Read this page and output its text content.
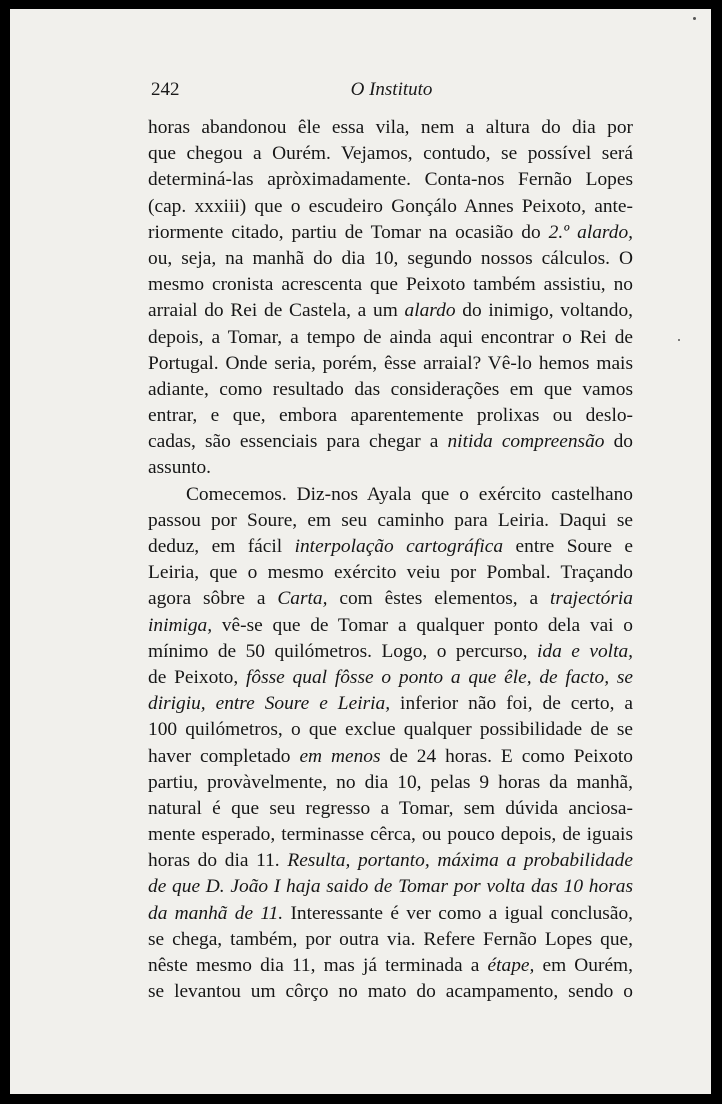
242	O Instituto
horas abandonou êle essa vila, nem a altura do dia por
que chegou a Ourém. Vejamos, contudo, se possível será
determiná-las apròximadamente. Conta-nos Fernão Lopes
(cap. xxxiii) que o escudeiro Gonçálo Annes Peixoto, ante-
riormente citado, partiu de Tomar na ocasião do 2.º alardo,
ou, seja, na manhã do dia 10, segundo nossos cálculos. O
mesmo cronista acrescenta que Peixoto também assistiu, no
arraial do Rei de Castela, a um alardo do inimigo, voltando,
depois, a Tomar, a tempo de ainda aqui encontrar o Rei de
Portugal. Onde seria, porém, êsse arraial? Vê-lo hemos mais
adiante, como resultado das considerações em que vamos
entrar, e que, embora aparentemente prolixas ou deslo-
cadas, são essenciais para chegar a nitida compreensão do
assunto.
Comecemos. Diz-nos Ayala que o exército castelhano
passou por Soure, em seu caminho para Leiria. Daqui se
deduz, em fácil interpolação cartográfica entre Soure e
Leiria, que o mesmo exército veiu por Pombal. Traçando
agora sôbre a Carta, com êstes elementos, a trajectória
inimiga, vê-se que de Tomar a qualquer ponto dela vai o
mínimo de 50 quilómetros. Logo, o percurso, ida e volta,
de Peixoto, fôsse qual fôsse o ponto a que êle, de facto, se
dirigiu, entre Soure e Leiria, inferior não foi, de certo, a
100 quilómetros, o que exclue qualquer possibilidade de se
haver completado em menos de 24 horas. E como Peixoto
partiu, provàvelmente, no dia 10, pelas 9 horas da manhã,
natural é que seu regresso a Tomar, sem dúvida anciosa-
mente esperado, terminasse cêrca, ou pouco depois, de iguais
horas do dia 11. Resulta, portanto, máxima a probabilidade
de que D. João I haja saido de Tomar por volta das 10 horas
da manhã de 11. Interessante é ver como a igual conclusão,
se chega, também, por outra via. Refere Fernão Lopes que,
nêste mesmo dia 11, mas já terminada a étape, em Ourém,
se levantou um côrço no mato do acampamento, sendo o
